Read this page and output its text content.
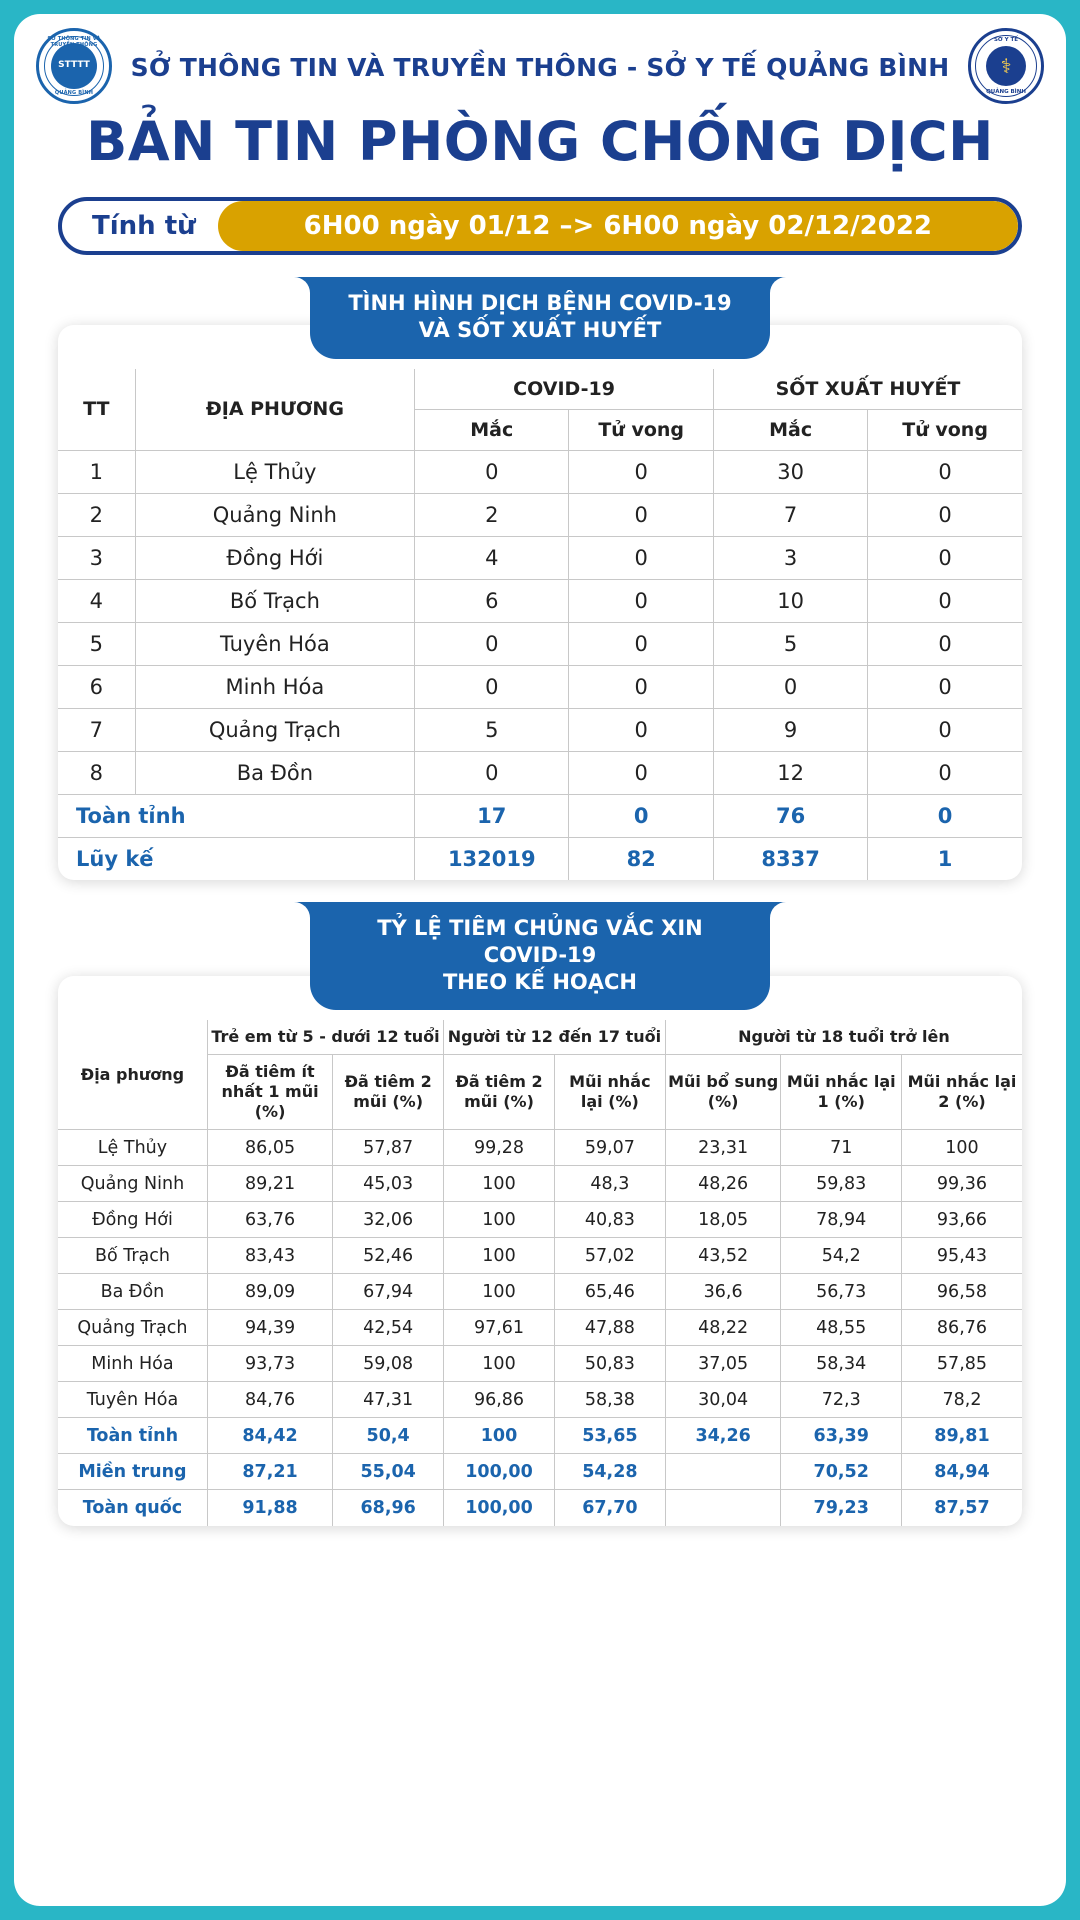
SỞ THÔNG TIN VÀ TRUYỀN THÔNG
STTTT
QUẢNG BÌNH
SỞ THÔNG TIN VÀ TRUYỀN THÔNG - SỞ Y TẾ QUẢNG BÌNH
SỞ Y TẾ
⚕
QUẢNG BÌNH
BẢN TIN PHÒNG CHỐNG DỊCH
Tính từ	6H00 ngày 01/12 –> 6H00 ngày 02/12/2022
TÌNH HÌNH DỊCH BỆNH COVID-19
VÀ SỐT XUẤT HUYẾT
TT	ĐỊA PHƯƠNG	COVID-19		SỐT XUẤT HUYẾT	
		Mắc	Tử vong	Mắc	Tử vong
1	Lệ Thủy	0	0	30	0
2	Quảng Ninh	2	0	7	0
3	Đồng Hới	4	0	3	0
4	Bố Trạch	6	0	10	0
5	Tuyên Hóa	0	0	5	0
6	Minh Hóa	0	0	0	0
7	Quảng Trạch	5	0	9	0
8	Ba Đồn	0	0	12	0
Toàn tỉnh		17	0	76	0
Lũy kế		132019	82	8337	1
TỶ LỆ TIÊM CHỦNG VẮC XIN COVID-19
THEO KẾ HOẠCH
Địa phương	Trẻ em từ 5 - dưới 12 tuổi		Người từ 12 đến 17 tuổi		Người từ 18 tuổi trở lên		
	Đã tiêm ít nhất 1 mũi (%)	Đã tiêm 2 mũi (%)	Đã tiêm 2 mũi (%)	Mũi nhắc lại (%)	Mũi bổ sung (%)	Mũi nhắc lại 1 (%)	Mũi nhắc lại 2 (%)
Lệ Thủy	86,05	57,87	99,28	59,07	23,31	71	100
Quảng Ninh	89,21	45,03	100	48,3	48,26	59,83	99,36
Đồng Hới	63,76	32,06	100	40,83	18,05	78,94	93,66
Bố Trạch	83,43	52,46	100	57,02	43,52	54,2	95,43
Ba Đồn	89,09	67,94	100	65,46	36,6	56,73	96,58
Quảng Trạch	94,39	42,54	97,61	47,88	48,22	48,55	86,76
Minh Hóa	93,73	59,08	100	50,83	37,05	58,34	57,85
Tuyên Hóa	84,76	47,31	96,86	58,38	30,04	72,3	78,2
Toàn tỉnh	84,42	50,4	100	53,65	34,26	63,39	89,81
Miền trung	87,21	55,04	100,00	54,28		70,52	84,94
Toàn quốc	91,88	68,96	100,00	67,70		79,23	87,57
